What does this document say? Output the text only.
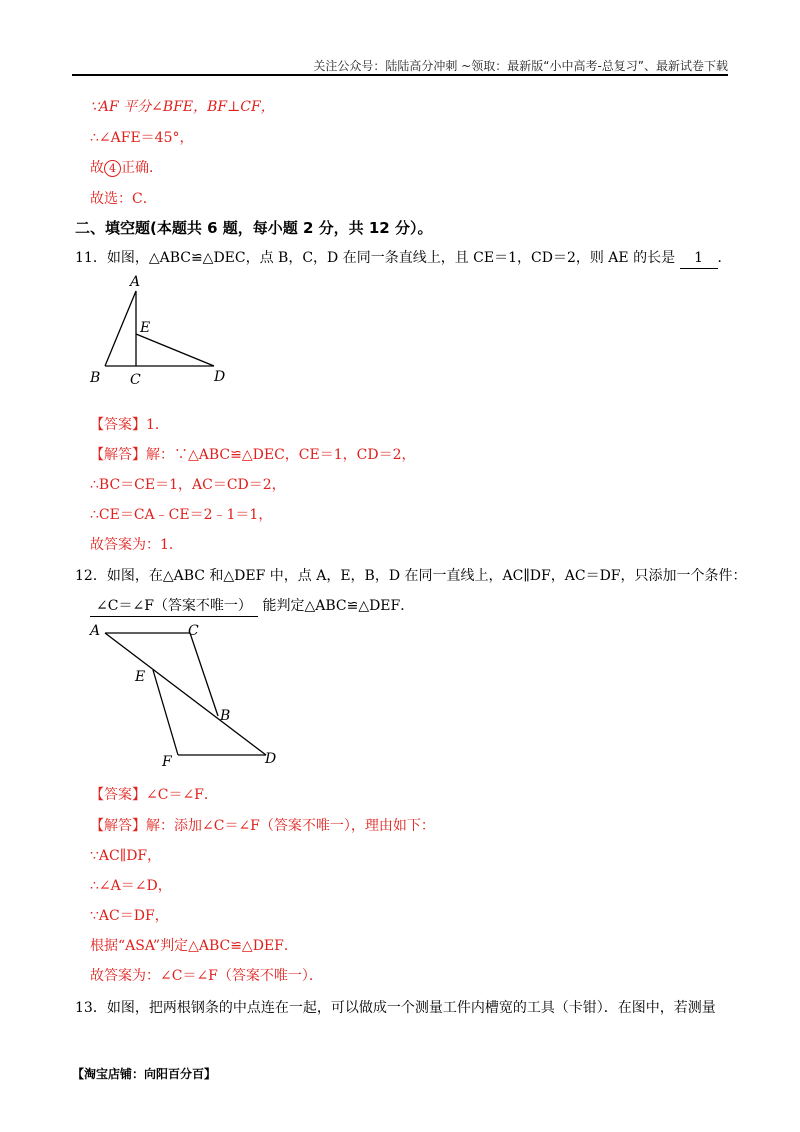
关注公众号：陆陆高分冲刺 ~领取：最新版“小中高考-总复习”、最新试卷下载
∵AF 平分∠BFE，BF⊥CF，
∴∠AFE＝45°，
故 4 正确．
故选：C．
二、填空题(本题共 6 题，每小题 2 分，共 12 分）。
11．如图，△ABC≌△DEC，点 B，C，D 在同一条直线上，且 CE＝1，CD＝2，则 AE 的长是 1 ．
A
E
B C	D
【答案】1．
【解答】解：∵△ABC≌△DEC，CE＝1，CD＝2，
∴BC＝CE＝1，AC＝CD＝2，
∴CE＝CA﹣CE＝2﹣1＝1，
故答案为：1．
12．如图，在△ABC 和△DEF 中，点 A，E，B，D 在同一直线上，AC∥DF，AC＝DF，只添加一个条件：
∠C＝∠F（答案不唯一） 能判定△ABC≌△DEF．
A	C
E
B
F	D
【答案】∠C＝∠F．
【解答】解：添加∠C＝∠F（答案不唯一），理由如下：
∵AC∥DF，
∴∠A＝∠D，
∵AC＝DF，
根据“ASA”判定△ABC≌△DEF．
故答案为：∠C＝∠F（答案不唯一）．
13．如图，把两根钢条的中点连在一起，可以做成一个测量工件内槽宽的工具（卡钳）．在图中，若测量
【淘宝店铺：向阳百分百】
